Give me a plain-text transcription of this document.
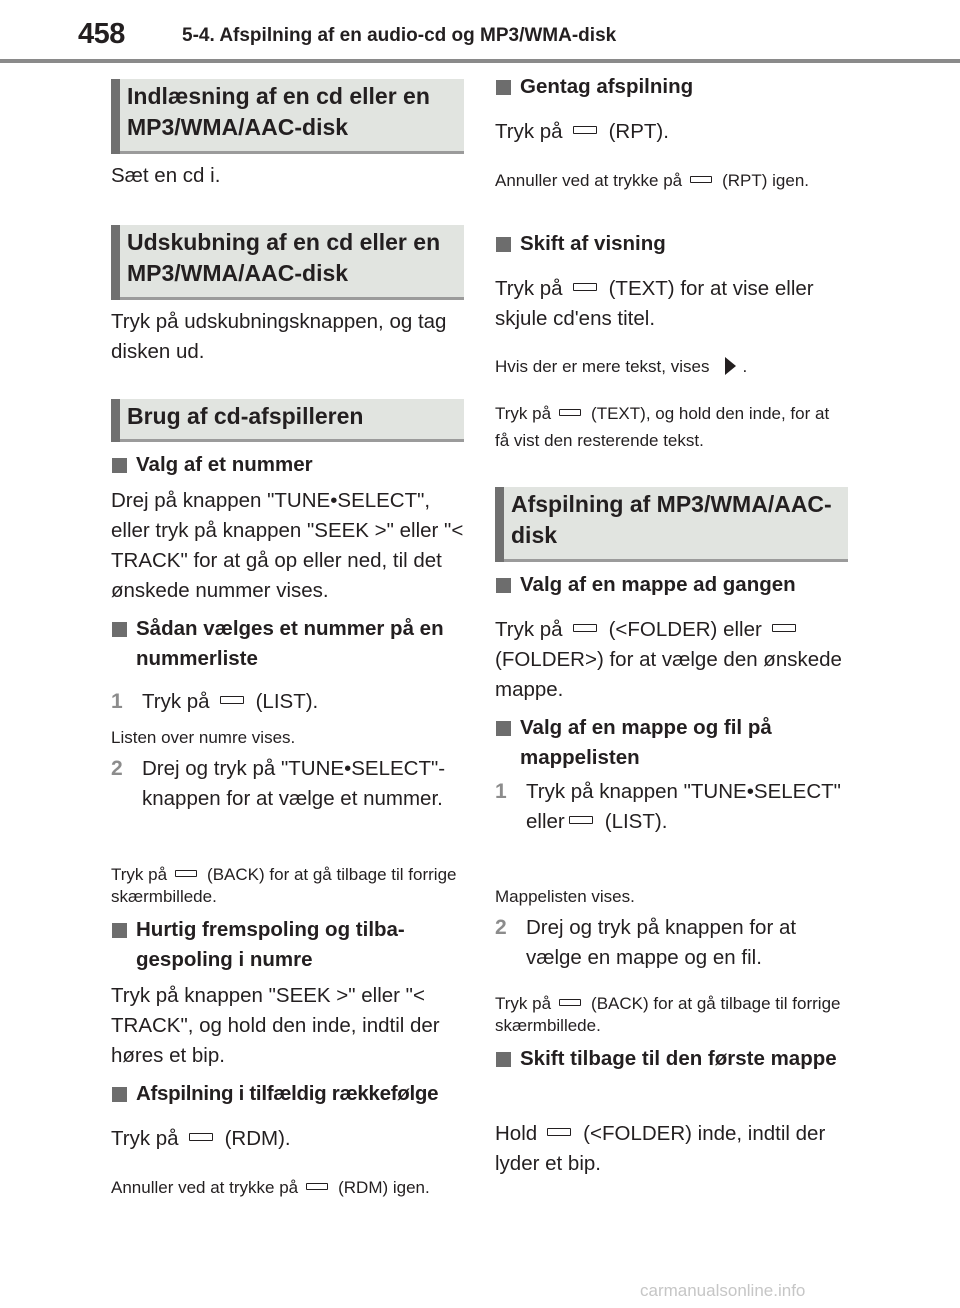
458	5-4. Afspilning af en audio-cd og MP3/WMA-disk
Indlæsning af en cd eller en MP3/WMA/AAC-disk
Sæt en cd i.
Udskubning af en cd eller en MP3/WMA/AAC-disk
Tryk på udskubningsknappen, og tag disken ud.
Brug af cd-afspilleren
Valg af et nummer
Drej på knappen "TUNE•SELECT", eller tryk på knappen "SEEK >" eller "< TRACK" for at gå op eller ned, til det ønskede nummer vises.
Sådan vælges et nummer på en nummerliste
1 Tryk på (LIST).
Listen over numre vises.
2 Drej og tryk på "TUNE•SELECT"-knappen for at vælge et nummer.
Tryk på (BACK) for at gå tilbage til forrige skærmbillede.
Hurtig fremspoling og tilba-gespoling i numre
Tryk på knappen "SEEK >" eller "< TRACK", og hold den inde, indtil der høres et bip.
Afspilning i tilfældig rækkefølge
Tryk på (RDM).
Annuller ved at trykke på (RDM) igen.
Gentag afspilning
Tryk på (RPT).
Annuller ved at trykke på (RPT) igen.
Skift af visning
Tryk på (TEXT) for at vise eller skjule cd'ens titel.
Hvis der er mere tekst, vises .
Tryk på (TEXT), og hold den inde, for at få vist den resterende tekst.
Afspilning af MP3/WMA/AAC-disk
Valg af en mappe ad gangen
Tryk på (<FOLDER) eller(FOLDER>) for at vælge den ønskede mappe.
Valg af en mappe og fil på mappelisten
1 Tryk på knappen "TUNE•SELECT" eller (LIST).
Mappelisten vises.
2 Drej og tryk på knappen for at vælge en mappe og en fil.
Tryk på (BACK) for at gå tilbage til forrige skærmbillede.
Skift tilbage til den første mappe
Hold (<FOLDER) inde, indtil der lyder et bip.
carmanualsonline.info
